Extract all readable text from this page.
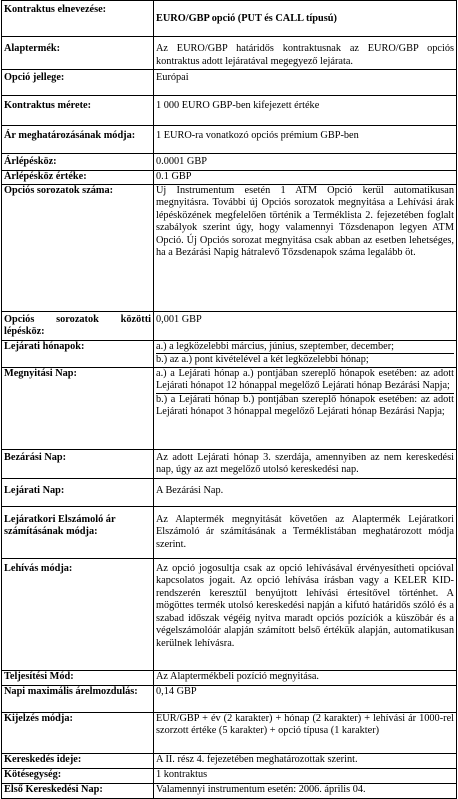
Kontraktus elnevezése:	EURO/GBP opció (PUT és CALL típusú)
Alaptermék:	Az EURO/GBP határidős kontraktusnak az EURO/GBP opciós kontraktus adott lejáratával megegyező lejárata.
Opció jellege:	Európai
Kontraktus mérete:	1 000 EURO GBP-ben kifejezett értéke
Ár meghatározásának módja:	1 EURO-ra vonatkozó opciós prémium GBP-ben
Árlépésköz:	0.0001 GBP
Árlépésköz értéke:	0.1 GBP
Opciós sorozatok száma:	Új Instrumentum esetén 1 ATM Opció kerül automatikusan megnyitásra. További új Opciós sorozatok megnyitása a Lehívási árak lépésközének megfelelően történik a Terméklista 2. fejezetében foglalt szabályok szerint úgy, hogy valamennyi Tőzsdenapon legyen ATM Opció. Új Opciós sorozat megnyitása csak abban az esetben lehetséges, ha a Bezárási Napig hátralevő Tőzsdenapok száma legalább öt.
Opciós sorozatok közötti lépésköz:	0,001 GBP
Lejárati hónapok:	a.) a legközelebbi március, június, szeptember, december;
b.) az a.) pont kivételével a két legközelebbi hónap;

Megnyitási Nap:	a.) a Lejárati hónap a.) pontjában szereplő hónapok esetében: az adott Lejárati hónapot 12 hónappal megelőző Lejárati hónap Bezárási Napja;
b.) a Lejárati hónap b.) pontjában szereplő hónapok esetében: az adott Lejárati hónapot 3 hónappal megelőző Lejárati hónap Bezárási Napja;

Bezárási Nap:	Az adott Lejárati hónap 3. szerdája, amennyiben az nem kereskedési nap, úgy az azt megelőző utolsó kereskedési nap.
Lejárati Nap:	A Bezárási Nap.
Lejáratkori Elszámoló ár számításának módja:	Az Alaptermék megnyitását követően az Alaptermék Lejáratkori Elszámoló ár számításának a Terméklistában meghatározott módja szerint.
Lehívás módja:	Az opció jogosultja csak az opció lehívásával érvényesítheti opcióval kapcsolatos jogait. Az opció lehívása írásban vagy a KELER KID-rendszerén keresztül benyújtott lehívási értesítővel történhet. A mögöttes termék utolsó kereskedési napján a kifutó határidős szóló és a szabad időszak végéig nyitva maradt opciós pozíciók a küszöbár és a végelszámolóár alapján számított belső értékük alapján, automatikusan kerülnek lehívásra.
Teljesítési Mód:	Az Alaptermékbeli pozíció megnyitása.
Napi maximális árelmozdulás:	0,14 GBP
Kijelzés módja:	EUR/GBP + év (2 karakter) + hónap (2 karakter) + lehívási ár 1000-rel szorzott értéke (5 karakter) + opció típusa (1 karakter)
Kereskedés ideje:	A II. rész 4. fejezetében meghatározottak szerint.
Kötésegység:	1 kontraktus
Első Kereskedési Nap:	Valamennyi instrumentum esetén: 2006. április 04.
